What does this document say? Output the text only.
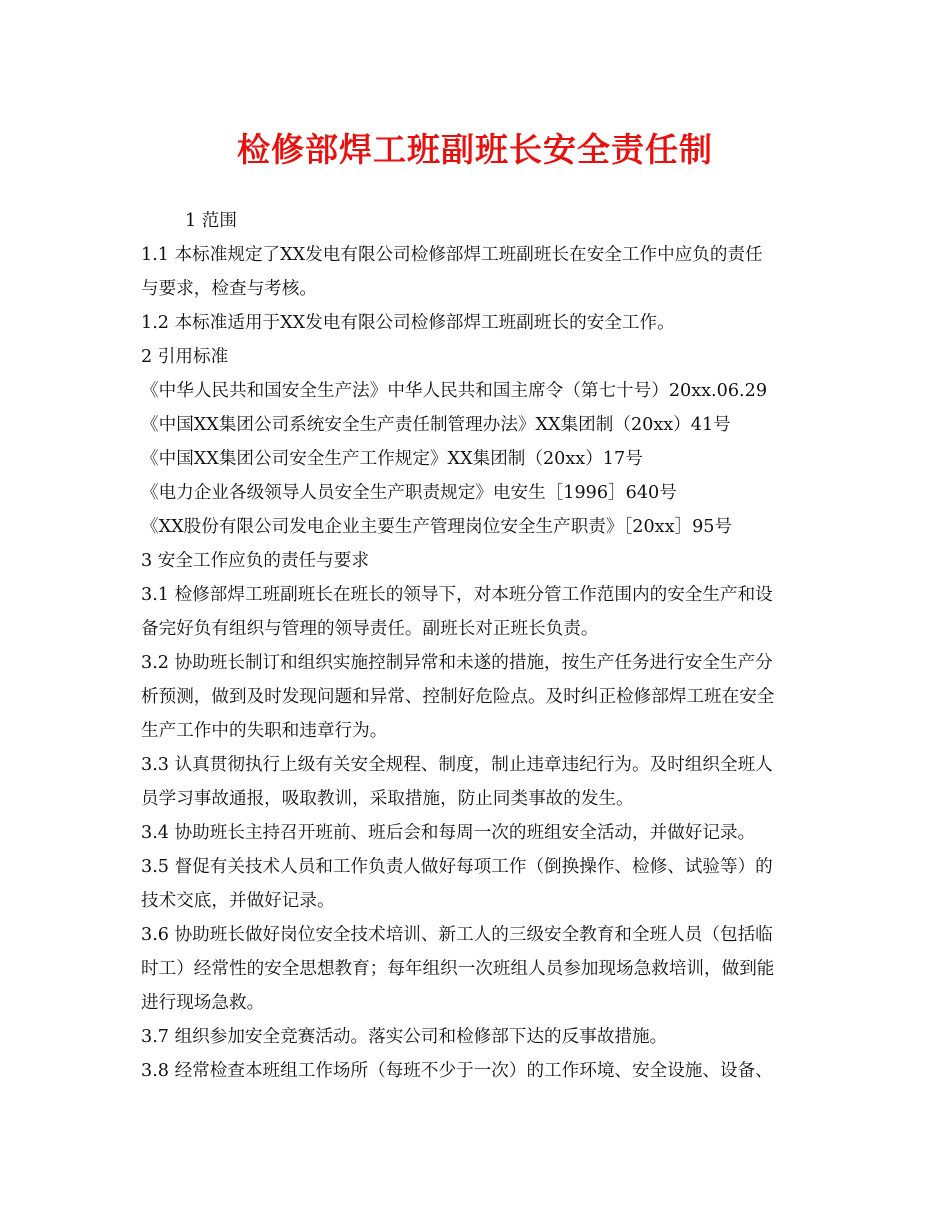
检修部焊工班副班长安全责任制
1 范围
1.1 本标准规定了XX发电有限公司检修部焊工班副班长在安全工作中应负的责任
与要求，检查与考核。
1.2 本标准适用于XX发电有限公司检修部焊工班副班长的安全工作。
2 引用标准
《中华人民共和国安全生产法》中华人民共和国主席令（第七十号）20xx.06.29
《中国XX集团公司系统安全生产责任制管理办法》XX集团制（20xx）41号
《中国XX集团公司安全生产工作规定》XX集团制（20xx）17号
《电力企业各级领导人员安全生产职责规定》电安生［1996］640号
《XX股份有限公司发电企业主要生产管理岗位安全生产职责》［20xx］95号
3 安全工作应负的责任与要求
3.1 检修部焊工班副班长在班长的领导下，对本班分管工作范围内的安全生产和设
备完好负有组织与管理的领导责任。副班长对正班长负责。
3.2 协助班长制订和组织实施控制异常和未遂的措施，按生产任务进行安全生产分
析预测，做到及时发现问题和异常、控制好危险点。及时纠正检修部焊工班在安全
生产工作中的失职和违章行为。
3.3 认真贯彻执行上级有关安全规程、制度，制止违章违纪行为。及时组织全班人
员学习事故通报，吸取教训，采取措施，防止同类事故的发生。
3.4 协助班长主持召开班前、班后会和每周一次的班组安全活动，并做好记录。
3.5 督促有关技术人员和工作负责人做好每项工作（倒换操作、检修、试验等）的
技术交底，并做好记录。
3.6 协助班长做好岗位安全技术培训、新工人的三级安全教育和全班人员（包括临
时工）经常性的安全思想教育；每年组织一次班组人员参加现场急救培训，做到能
进行现场急救。
3.7 组织参加安全竞赛活动。落实公司和检修部下达的反事故措施。
3.8 经常检查本班组工作场所（每班不少于一次）的工作环境、安全设施、设备、
